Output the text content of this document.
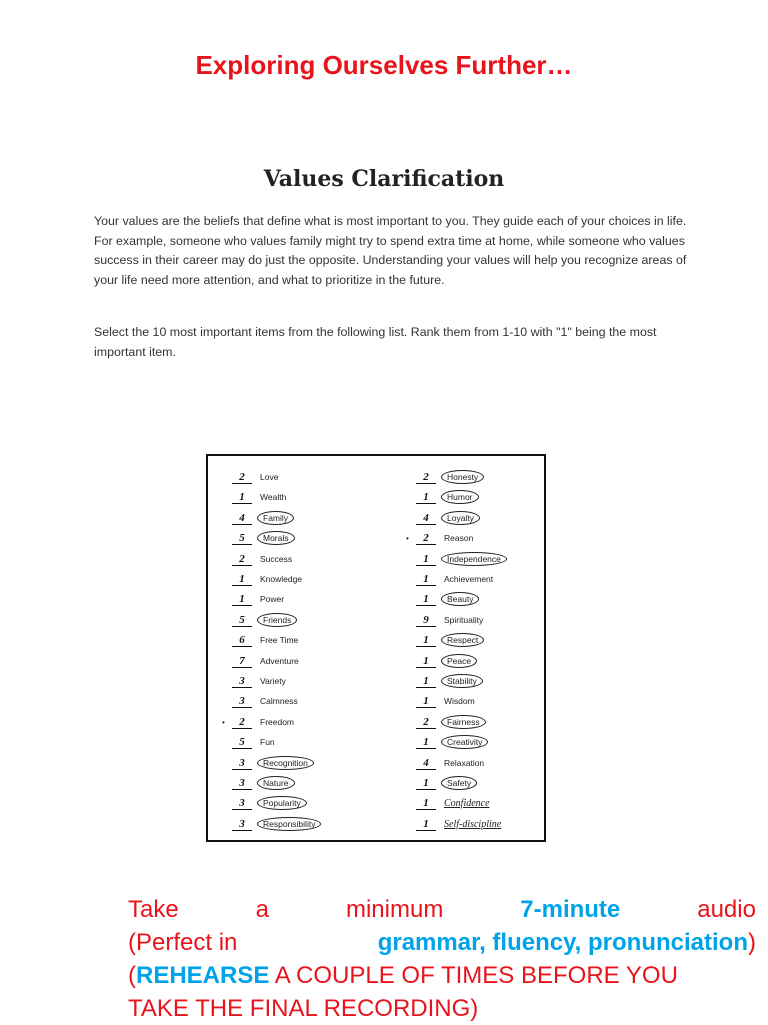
Exploring Ourselves Further…
Values Clarification
Your values are the beliefs that define what is most important to you. They guide each of your choices in life. For example, someone who values family might try to spend extra time at home, while someone who values success in their career may do just the opposite. Understanding your values will help you recognize areas of your life need more attention, and what to prioritize in the future.
Select the 10 most important items from the following list. Rank them from 1-10 with "1" being the most important item.
2	Love
1	Wealth
4	Family
5	Morals
2	Success
1	Knowledge
1	Power
5	Friends
6	Free Time
7	Adventure
3	Variety
3	Calmness
2	Freedom
5	Fun
3	Recognition
3	Nature
3	Popularity
3	Responsibility
2	Honesty
1	Humor
4	Loyalty
2	Reason
1	Independence
1	Achievement
1	Beauty
9	Spirituality
1	Respect
1	Peace
1	Stability
1	Wisdom
2	Fairness
1	Creativity
4	Relaxation
1	Safety
1	Confidence
1	Self-discipline
•
•
Take	a	minimum	7-minute	audio
(Perfect in	grammar, fluency, pronunciation)
(REHEARSE A COUPLE OF TIMES BEFORE YOU
TAKE THE FINAL RECORDING)
